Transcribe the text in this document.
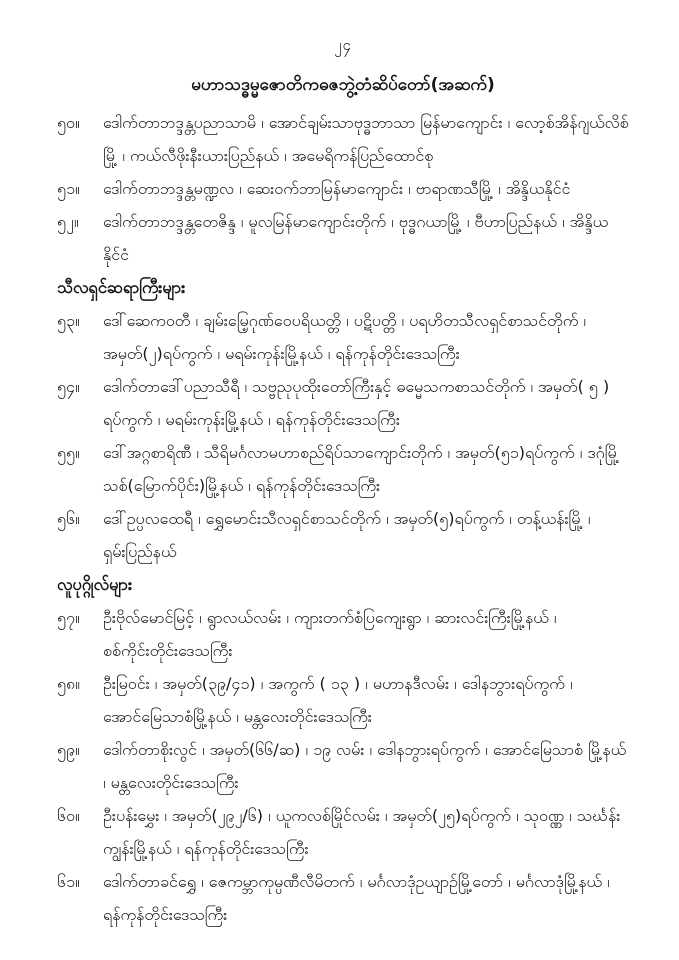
၂၄
မဟာသဒ္ဓမ္မဇောတိကဓဇဘွဲ့တံဆိပ်တော်(အဆက်)
၅၀။	ဒေါက်တာဘဒ္ဒန္တပညာသာမိ ၊ အောင်ချမ်းသာဗုဒ္ဓဘာသာ မြန်မာကျောင်း ၊ လော့စ်အိန်ဂျယ်လိစ်မြို့ ၊ ကယ်လီဖိုးနီးယားပြည်နယ် ၊ အမေရိကန်ပြည်ထောင်စု
၅၁။	ဒေါက်တာဘဒ္ဒန္တမဏ္ဍလ ၊ ဆေးဝက်ဘာမြန်မာကျောင်း ၊ ဗာရာဏသီမြို့ ၊ အိန္ဒိယနိုင်ငံ
၅၂။	ဒေါက်တာဘဒ္ဒန္တတေဇိန္ဒ ၊ မူလမြန်မာကျောင်းတိုက် ၊ ဗုဒ္ဓဂယာမြို့ ၊ ဗီဟာပြည်နယ် ၊ အိန္ဒိယနိုင်ငံ
သီလရှင်ဆရာကြီးများ
၅၃။	ဒေါ်ဆေကဝတီ ၊ ချမ်းမြေ့ဂုဏ်ဝေပရိယတ္တိ ၊ ပဋိပတ္တိ ၊ ပရဟိတသီလရှင်စာသင်တိုက် ၊ အမှတ်(၂)ရပ်ကွက် ၊ မရမ်းကုန်းမြို့နယ် ၊ ရန်ကုန်တိုင်းဒေသကြီး
၅၄။	ဒေါက်တာဒေါ်ပညာသီရီ ၊ သဗ္ဗညုပုထိုးတော်ကြီးနှင့် ဓမ္မေသကစာသင်တိုက် ၊ အမှတ်( ၅ ) ရပ်ကွက် ၊ မရမ်းကုန်းမြို့နယ် ၊ ရန်ကုန်တိုင်းဒေသကြီး
၅၅။	ဒေါ်အဂ္ဂစာရိဏီ ၊ သီရိမင်္ဂလာမဟာစည်ရိပ်သာကျောင်းတိုက် ၊ အမှတ်(၅၁)ရပ်ကွက် ၊ ဒဂုံမြို့သစ်(မြောက်ပိုင်း)မြို့နယ် ၊ ရန်ကုန်တိုင်းဒေသကြီး
၅၆။	ဒေါ်ဥပ္ပလထေရီ ၊ ရွှေမောင်းသီလရှင်စာသင်တိုက် ၊ အမှတ်(၅)ရပ်ကွက် ၊ တန့်ယန်းမြို့ ၊ ရှမ်းပြည်နယ်
လူပုဂ္ဂိုလ်များ
၅၇။	ဦးဗိုလ်မောင်မြင့် ၊ ရွာလယ်လမ်း ၊ ကျားတက်စံပြကျေးရွာ ၊ ဆားလင်းကြီးမြို့နယ် ၊ စစ်ကိုင်းတိုင်းဒေသကြီး
၅၈။	ဦးမြဝင်း ၊ အမှတ်(၃၉/၄၁) ၊ အကွက် ( ၁၃ ) ၊ မဟာနဒီလမ်း ၊ ဒေါနဘွားရပ်ကွက် ၊ အောင်မြေသာစံမြို့နယ် ၊ မန္တလေးတိုင်းဒေသကြီး
၅၉။	ဒေါက်တာစိုးလွင် ၊ အမှတ်(၆၆/ဆ) ၊ ၁၉ လမ်း ၊ ဒေါနဘွားရပ်ကွက် ၊ အောင်မြေသာစံ မြို့နယ် ၊ မန္တလေးတိုင်းဒေသကြီး
၆၀။	ဦးပန်းမွှေး ၊ အမှတ်(၂၉၂/၆) ၊ ယူကလစ်မြိုင်လမ်း ၊ အမှတ်(၂၅)ရပ်ကွက် ၊ သုဝဏ္ဏ ၊ သင်္ဃန်းကျွန်းမြို့နယ် ၊ ရန်ကုန်တိုင်းဒေသကြီး
၆၁။	ဒေါက်တာခင်ရွှေ ၊ ဇေကမ္ဘာကုမ္ပဏီလီမိတက် ၊ မင်္ဂလာဒုံဥယျာဉ်မြို့တော် ၊ မင်္ဂလာဒုံမြို့နယ် ၊ ရန်ကုန်တိုင်းဒေသကြီး
